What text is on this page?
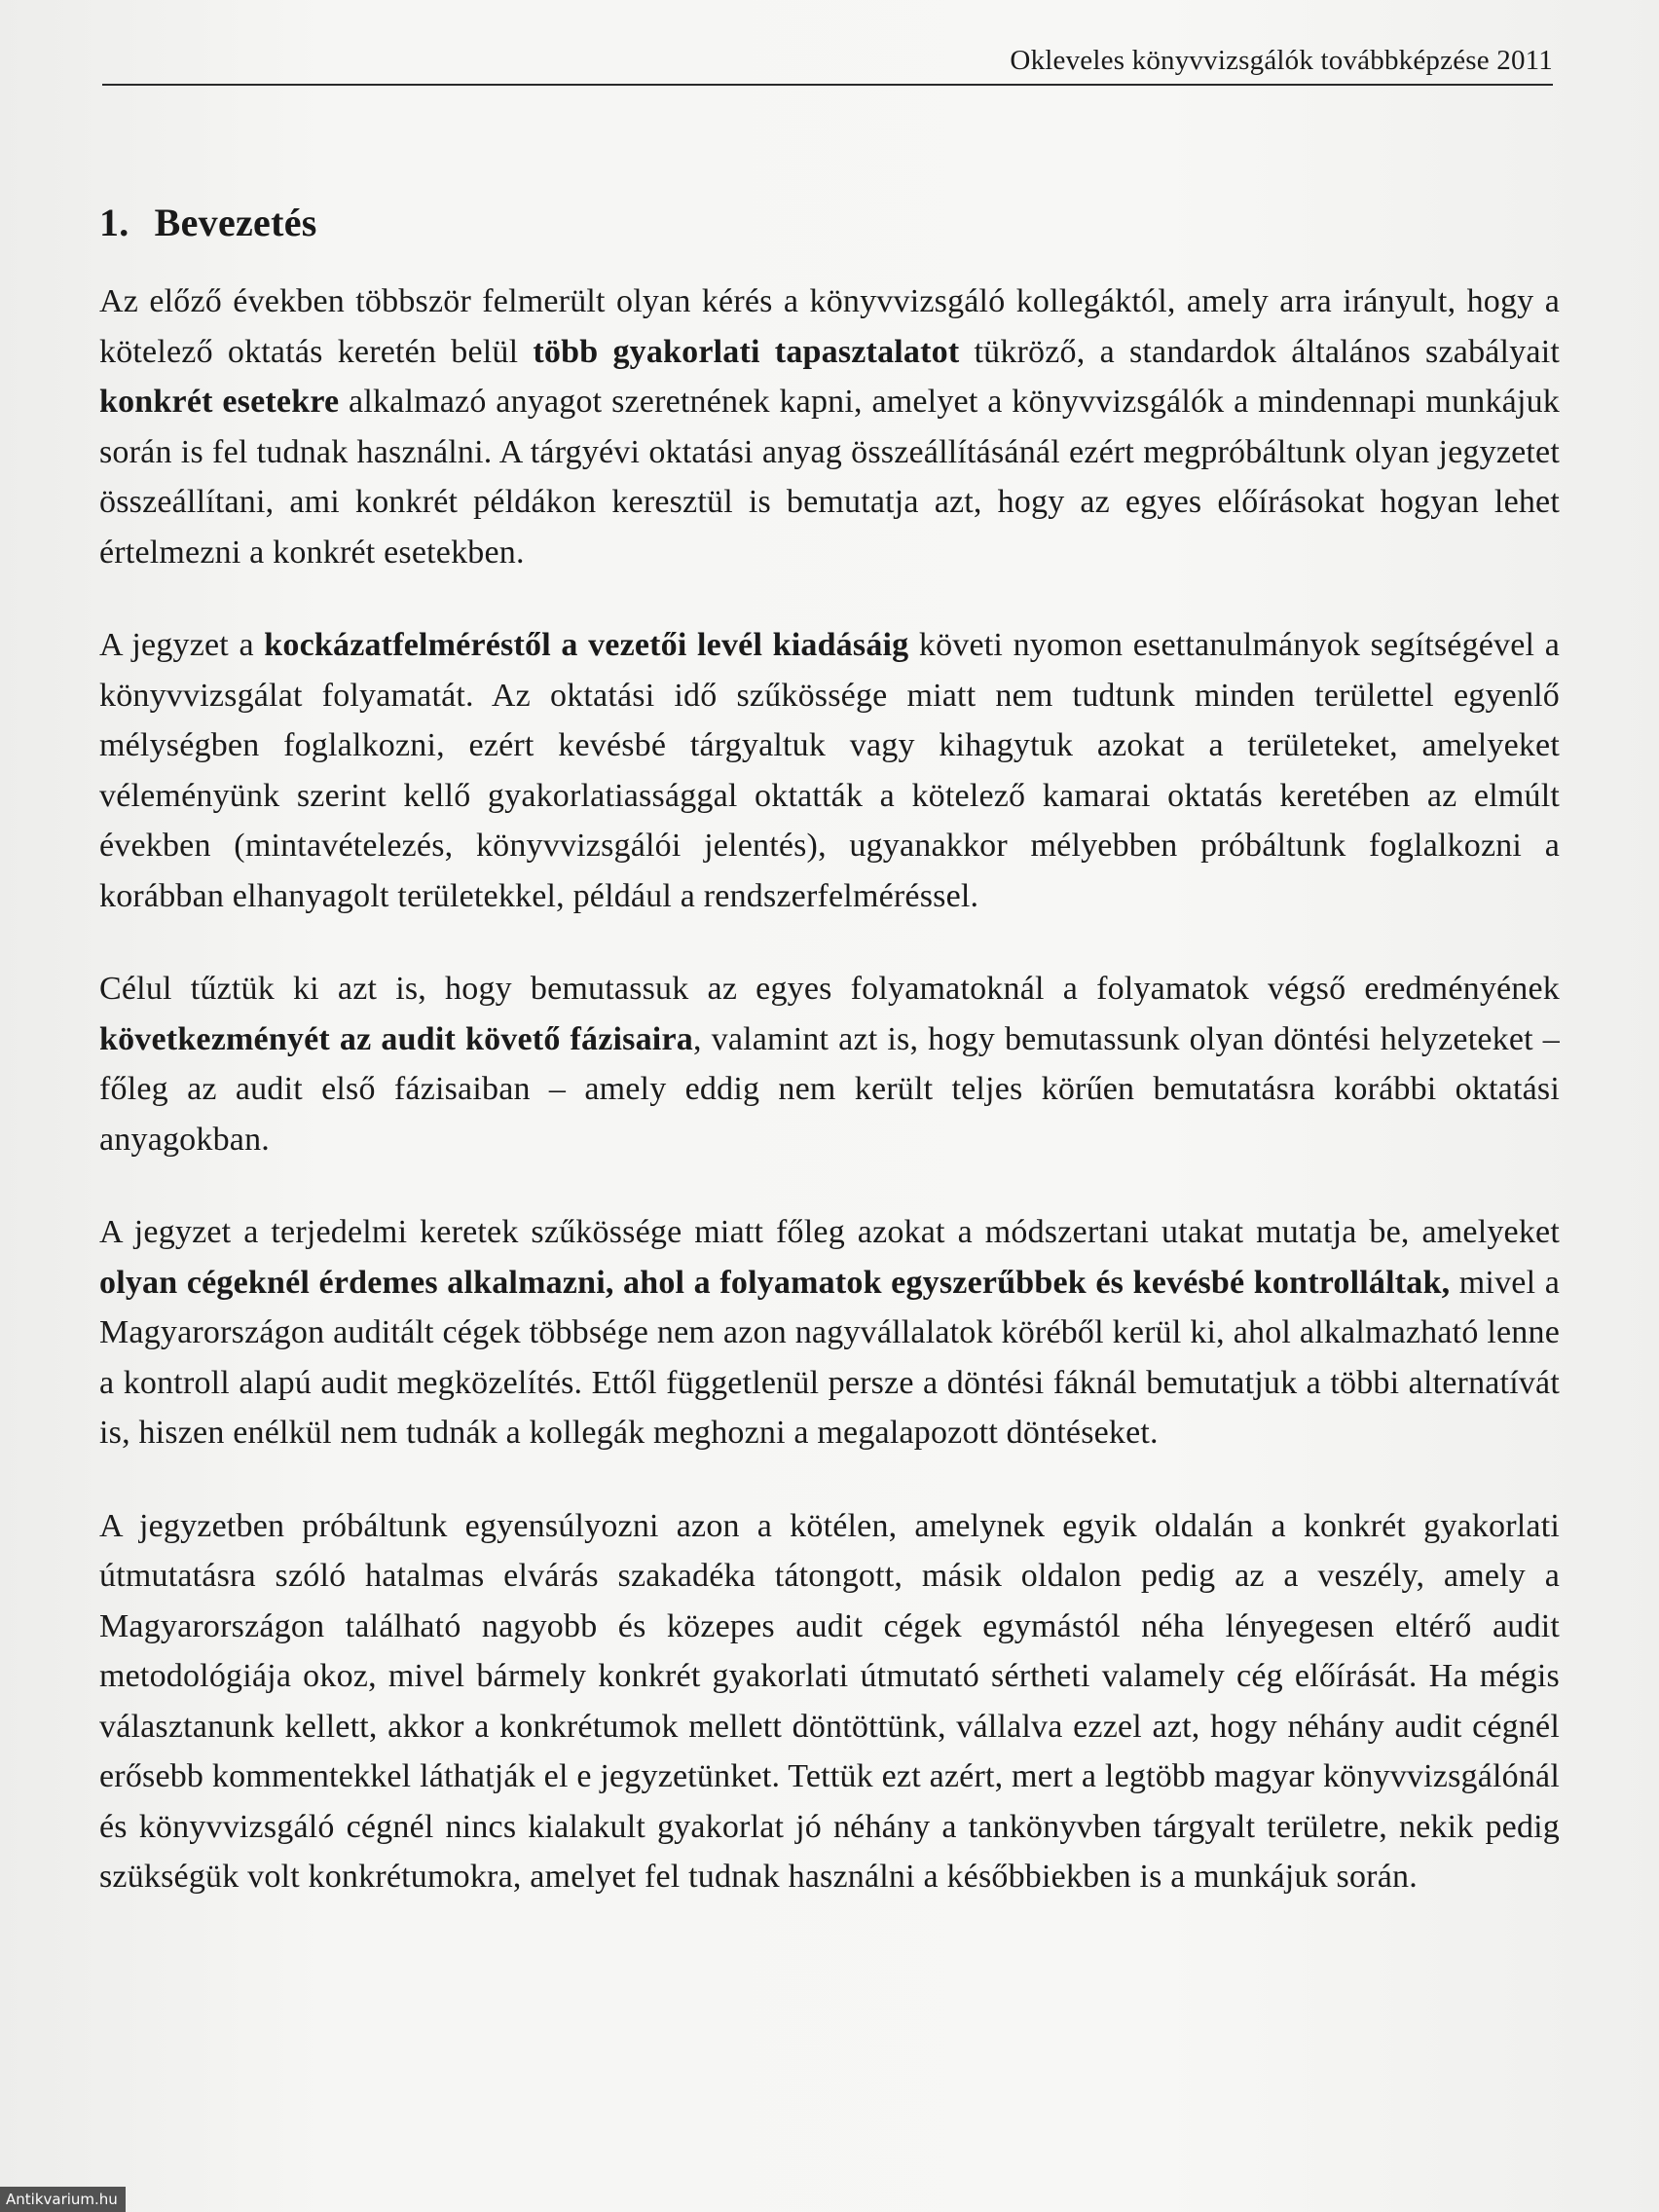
Okleveles könyvvizsgálók továbbképzése 2011
1. Bevezetés

Az előző években többször felmerült olyan kérés a könyvvizsgáló kollegáktól, amely arra irányult, hogy a kötelező oktatás keretén belül több gyakorlati tapasztalatot tükröző, a standardok általános szabályait konkrét esetekre alkalmazó anyagot szeretnének kapni, amelyet a könyvvizsgálók a mindennapi munkájuk során is fel tudnak használni. A tárgyévi oktatási anyag összeállításánál ezért megpróbáltunk olyan jegyzetet összeállítani, ami konkrét példákon keresztül is bemutatja azt, hogy az egyes előírásokat hogyan lehet értelmezni a konkrét esetekben.

A jegyzet a kockázatfelméréstől a vezetői levél kiadásáig követi nyomon esettanulmányok segítségével a könyvvizsgálat folyamatát. Az oktatási idő szűkössége miatt nem tudtunk minden területtel egyenlő mélységben foglalkozni, ezért kevésbé tárgyaltuk vagy kihagytuk azokat a területeket, amelyeket véleményünk szerint kellő gyakorlatiassággal oktatták a kötelező kamarai oktatás keretében az elmúlt években (mintavételezés, könyvvizsgálói jelentés), ugyanakkor mélyebben próbáltunk foglalkozni a korábban elhanyagolt területekkel, például a rendszerfelméréssel.

Célul tűztük ki azt is, hogy bemutassuk az egyes folyamatoknál a folyamatok végső eredményének következményét az audit követő fázisaira, valamint azt is, hogy bemutassunk olyan döntési helyzeteket – főleg az audit első fázisaiban – amely eddig nem került teljes körűen bemutatásra korábbi oktatási anyagokban.

A jegyzet a terjedelmi keretek szűkössége miatt főleg azokat a módszertani utakat mutatja be, amelyeket olyan cégeknél érdemes alkalmazni, ahol a folyamatok egyszerűbbek és kevésbé kontrolláltak, mivel a Magyarországon auditált cégek többsége nem azon nagyvállalatok köréből kerül ki, ahol alkalmazható lenne a kontroll alapú audit megközelítés. Ettől függetlenül persze a döntési fáknál bemutatjuk a többi alternatívát is, hiszen enélkül nem tudnák a kollegák meghozni a megalapozott döntéseket.

A jegyzetben próbáltunk egyensúlyozni azon a kötélen, amelynek egyik oldalán a konkrét gyakorlati útmutatásra szóló hatalmas elvárás szakadéka tátongott, másik oldalon pedig az a veszély, amely a Magyarországon található nagyobb és közepes audit cégek egymástól néha lényegesen eltérő audit metodológiája okoz, mivel bármely konkrét gyakorlati útmutató sértheti valamely cég előírását. Ha mégis választanunk kellett, akkor a konkrétumok mellett döntöttünk, vállalva ezzel azt, hogy néhány audit cégnél erősebb kommentekkel láthatják el e jegyzetünket. Tettük ezt azért, mert a legtöbb magyar könyvvizsgálónál és könyvvizsgáló cégnél nincs kialakult gyakorlat jó néhány a tankönyvben tárgyalt területre, nekik pedig szükségük volt konkrétumokra, amelyet fel tudnak használni a későbbiekben is a munkájuk során.

Antikvarium.hu
